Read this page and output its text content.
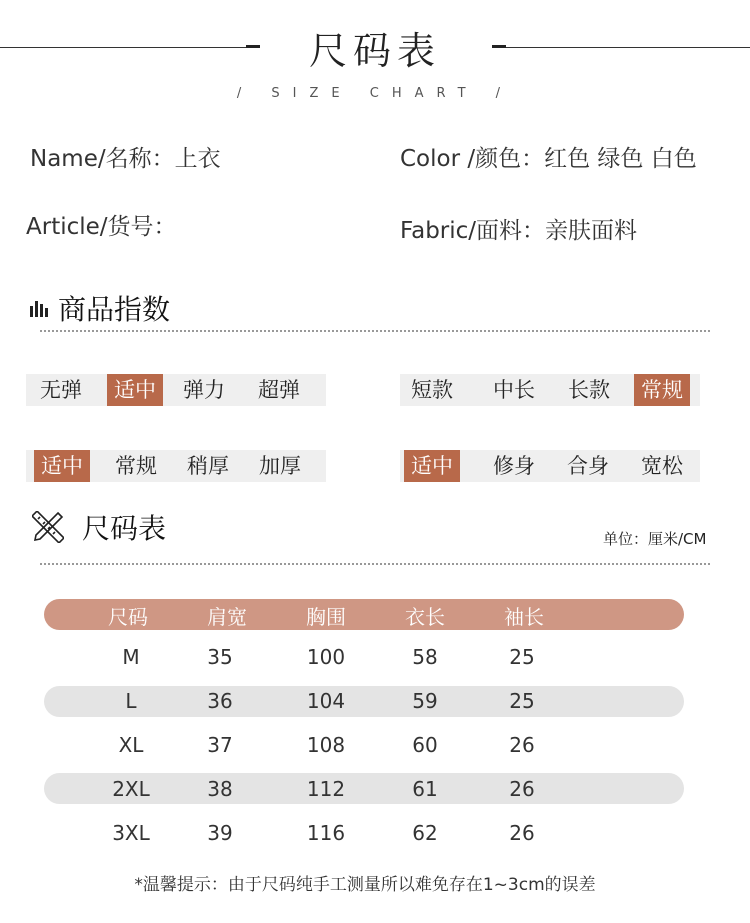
尺码表
/ SIZE CHART /
Name/名称：上衣	Color /颜色：红色 绿色 白色
Article/货号：	Fabric/面料：亲肤面料
商品指数
无弹	适中	弹力	超弹	短款	中长	长款	常规
适中	常规	稍厚	加厚	适中	修身	合身	宽松
尺码表	单位：厘米/CM
尺码	肩宽	胸围	衣长	袖长
M	35	100	58	25
L	36	104	59	25
XL	37	108	60	26
2XL	38	112	61	26
3XL	39	116	62	26
*温馨提示：由于尺码纯手工测量所以难免存在1~3cm的误差
